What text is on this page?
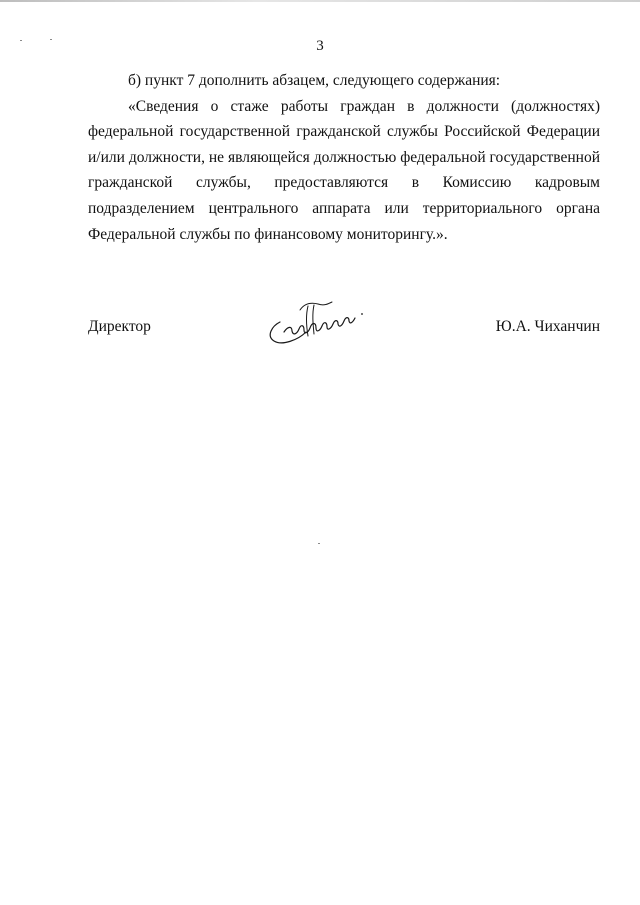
3
б) пункт 7 дополнить абзацем, следующего содержания:
«Сведения о стаже работы граждан в должности (должностях)
федеральной государственной гражданской службы Российской Федерации
и/или должности, не являющейся должностью федеральной государственной
гражданской службы, предоставляются в Комиссию кадровым
подразделением центрального аппарата или территориального органа
Федеральной службы по финансовому мониторингу.».
Директор	Ю.А. Чиханчин
